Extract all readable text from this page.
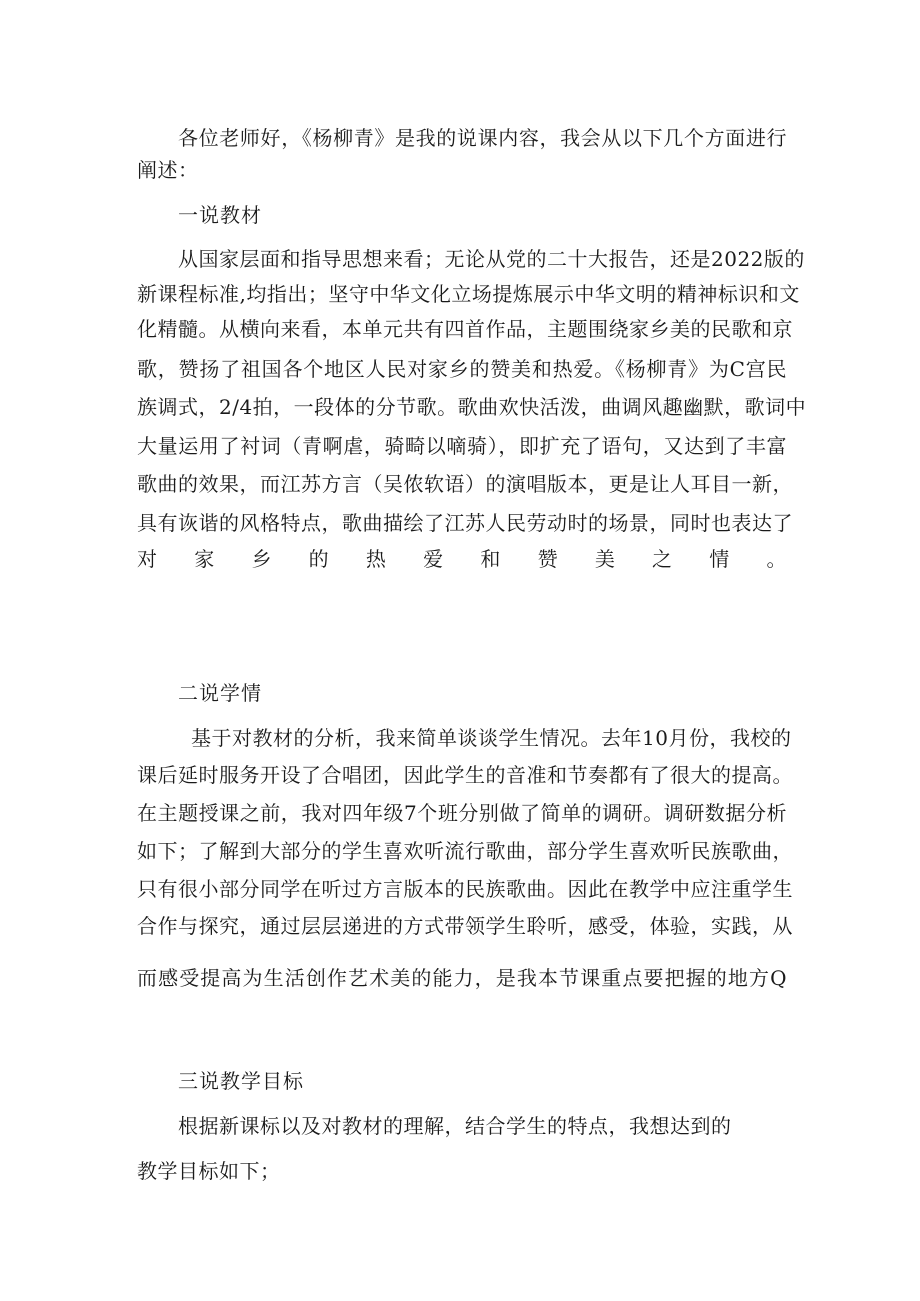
各位老师好，《杨柳青》是我的说课内容，我会从以下几个方面进行
阐述：
一说教材
从国家层面和指导思想来看；无论从党的二十大报告，还是2022版的
新课程标准,均指出；坚守中华文化立场提炼展示中华文明的精神标识和文
化精髓。从横向来看，本单元共有四首作品，主题围绕家乡美的民歌和京
歌，赞扬了祖国各个地区人民对家乡的赞美和热爱。《杨柳青》为C宫民
族调式，2/4拍，一段体的分节歌。歌曲欢快活泼，曲调风趣幽默，歌词中
大量运用了衬词（青啊虐，骑畸以嘀骑），即扩充了语句，又达到了丰富
歌曲的效果，而江苏方言（吴侬软语）的演唱版本，更是让人耳目一新，
具有诙谐的风格特点，歌曲描绘了江苏人民劳动时的场景，同时也表达了
对家乡的热爱和赞美之情。
二说学情
基于对教材的分析，我来简单谈谈学生情况。去年10月份，我校的
课后延时服务开设了合唱团，因此学生的音准和节奏都有了很大的提高。
在主题授课之前，我对四年级7个班分别做了简单的调研。调研数据分析
如下；了解到大部分的学生喜欢听流行歌曲，部分学生喜欢听民族歌曲，
只有很小部分同学在听过方言版本的民族歌曲。因此在教学中应注重学生
合作与探究，通过层层递进的方式带领学生聆听，感受，体验，实践，从
而感受提高为生活创作艺术美的能力，是我本节课重点要把握的地方Q
三说教学目标
根据新课标以及对教材的理解，结合学生的特点，我想达到的
教学目标如下；
